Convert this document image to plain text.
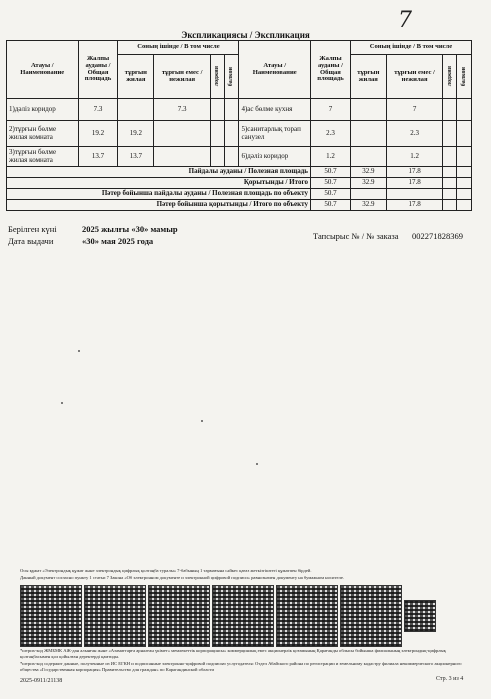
7
Экспликациясы / Экспликация
Атауы / Наименование	Жалпы ауданы / Общая площадь	Соның ішінде / В том числе				Атауы / Наименование	Жалпы ауданы / Общая площадь	Соның ішінде / В том числе			
		тұрғын жилая	тұрғын емес / нежилая	лоджия	балкон			тұрғын жилая	тұрғын емес / нежилая	лоджия	балкон

1)дәліз коридор	7.3		7.3			4)ас бөлме кухня	7		7		
2)тұрғын бөлме жилая комната	19.2	19.2				5)санитарлық торап санузел	2.3		2.3		
3)тұрғын бөлме жилая комната	13.7	13.7				6)дәліз коридор	1.2		1.2		
Пайдалы ауданы / Полезная площадь							50.7	32.9	17.8		
Қорытынды / Итого							50.7	32.9	17.8		
Пәтер бойынша пайдалы ауданы / Полезная площадь по объекту							50.7				
Пәтер бойынша қорытынды / Итого по объекту							50.7	32.9	17.8		
Берілген күні	2025 жылғы «30» мамыр
Дата выдачи	«30» мая 2025 года	Тапсырыс № / № заказа 002271828369
Осы құжат «Электрондық құжат және электрондық цифрлық қолтаңба туралы» 7-бабының 1 тармағына сәйкес қағаз жеткізгіштегі құжатпен бірдей.
Данный документ согласно пункту 1 статьи 7 Закона «Об электронном документе и электронной цифровой подписи» равнозначен документу на бумажном носителе.
*штрих-код ЖМБМК АЖ-дан алынған және «Азаматтарға арналған үкімет» мемлекеттік корпорациясы» коммерциялық емес акционерлік қоғамының Қарағанды облысы бойынша филиалының электрондық-цифрлық қолтаңбасымен қол қойылған деректерді қамтиды.
*штрих-код содержит данные, полученные из ИС ЕГКН и подписанные электронно-цифровой подписью услугодателя: Отдел Абайского района по регистрации и земельному кадастру филиала некоммерческого акционерного общества «Государственная корпорация» Правительство для граждан» по Карагандинской области
2025-0911/21138	Стр. 3 из 4
